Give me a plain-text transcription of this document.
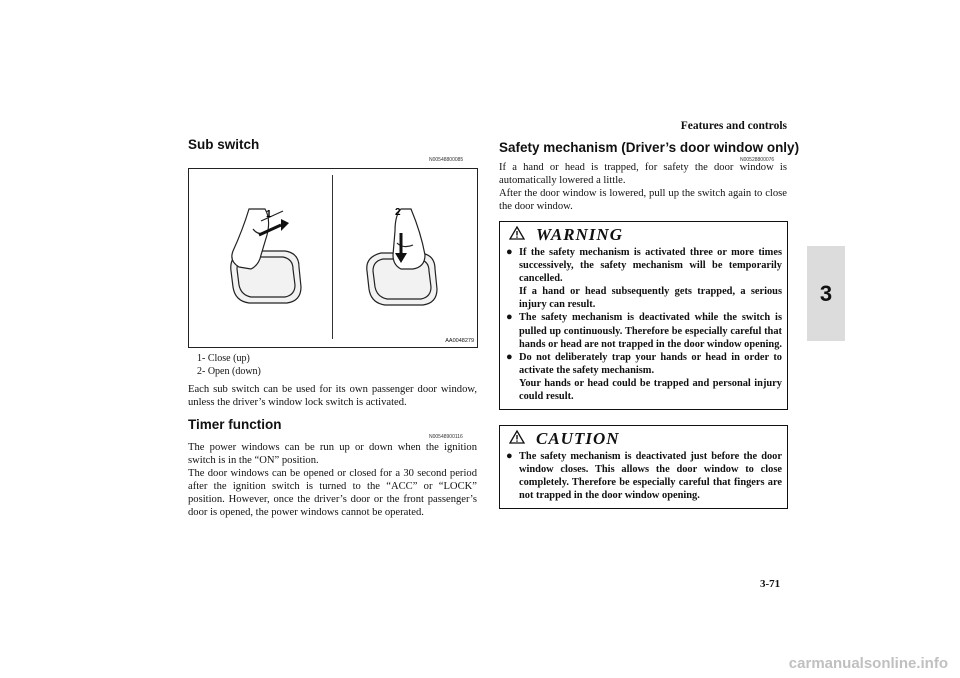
Features and controls
3
Sub switch
N00548800085
1	2
AA0048279
1- Close (up)
2- Open (down)
Each sub switch can be used for its own passenger door window, unless the driver’s window lock switch is activated.
Timer function
N00548900116
The power windows can be run up or down when the ignition switch is in the “ON” position.
The door windows can be opened or closed for a 30 second period after the ignition switch is turned to the “ACC” or “LOCK” position. However, once the driver’s door or the front passenger’s door is opened, the power windows cannot be operated.
Safety mechanism (Driver’s door window only)
N00528800076
If a hand or head is trapped, for safety the door window is automatically lowered a little.
After the door window is lowered, pull up the switch again to close the door window.
WARNING
● If the safety mechanism is activated three or more times successively, the safety mechanism will be temporarily cancelled.
If a hand or head subsequently gets trapped, a serious injury can result.
● The safety mechanism is deactivated while the switch is pulled up continuously. Therefore be especially careful that hands or head are not trapped in the door window opening.
● Do not deliberately trap your hands or head in order to activate the safety mechanism.
Your hands or head could be trapped and personal injury could result.
CAUTION
● The safety mechanism is deactivated just before the door window closes. This allows the door window to close completely. Therefore be especially careful that fingers are not trapped in the door window opening.
3-71
carmanualsonline.info
